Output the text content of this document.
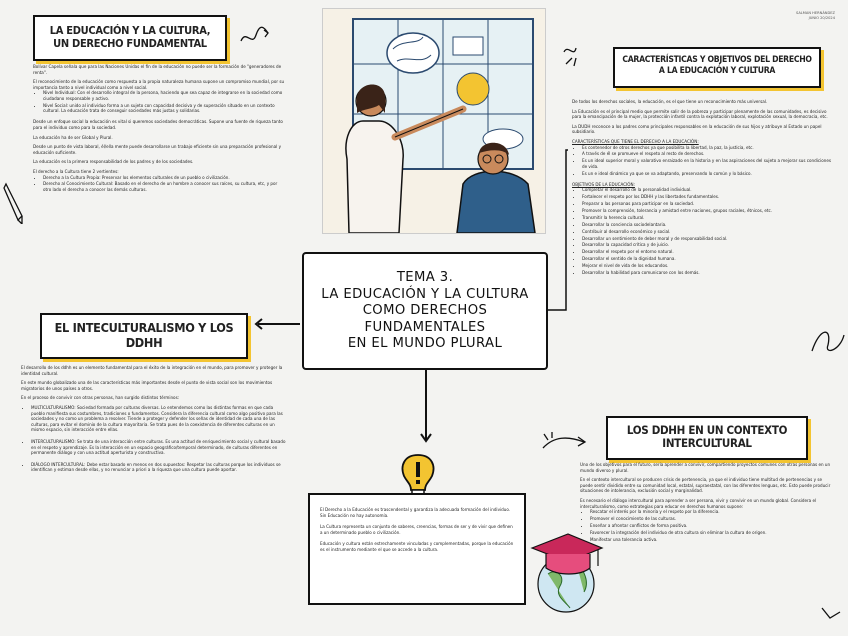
SALMAN HERNÁNDEZ
JUNIO 20/2024
LA EDUCACIÓN Y LA CULTURA, UN DERECHO FUNDAMENTAL
Bolívar Capela señala que para las Naciones Unidas el fin de la educación no puede ser la formación de "generadores de renta".
El reconocimiento de la educación como respuesta a la propia naturaleza humana supone un compromiso mundial, por su importancia tanto a nivel individual como a nivel social.
• Nivel Individual: Con el desarrollo integral de la persona, haciendo que sea capaz de integrarse en la sociedad como ciudadano responsable y activo.
• Nivel Social: unido al individuo forma a un sujeto con capacidad decisiva y de superación situado en un contexto cultural. La educación trata de conseguir sociedades más justas y solidarias.
Desde un enfoque social la educación es vital si queremos sociedades democráticas. Supone una fuente de riqueza tanto para el individuo como para la sociedad.
La educación ha de ser Global y Plural.
Desde un punto de vista laboral, él/ella mente puede desarrollarse un trabajo eficiente sin una preparación profesional y educación suficiente.
La educación es la primera responsabilidad de los padres y de los sociedades.
El derecho a la Cultura tiene 2 vertientes:
• Derecho a la Cultura Propia: Preservar los elementos culturales de un pueblo o civilización.
• Derecho al Conocimiento Cultural: Basado en el derecho de un hombre a conocer sus raíces, su cultura, etc, y por otro lado el derecho a conocer las demás culturas.
EL INTECULTURALISMO Y LOS DDHH
El desarrollo de los ddhh es un elemento fundamental para el éxito de la integración en el mundo, para promover y proteger la identidad cultural.
En este mundo globalizado una de las características más importantes desde el punto de vista social son los movimientos migratorios de unos países a otros.
En el proceso de convivir con otras personas, han surgido distintos términos:
• MULTICULTURALISMO: Sociedad formada por culturas diversas. Lo entendemos como las distintas formas en que cada pueblo manifiesta sus costumbres, tradiciones o fundamentos. Considera la diferencia cultural como algo positivo para las sociedades y no como un problema a resolver. Tiende a proteger y defender los señas de identidad de cada una de las culturas, para evitar el dominio de la cultura mayoritaria. Se trata pues de la coexistencia de diferentes culturas en un mismo espacio, sin interacción entre ellas.
• INTERCULTURALISMO: Se trata de una interacción entre culturas. Es una actitud de enriquecimiento social y cultural basado en el respeto y aprendizaje. Es la interacción en un espacio geográfico/temporal determinado, de culturas diferentes en permanente diálogo y con una actitud aperturista y constructiva.
• DIÁLOGO INTERCULTURAL: Debe estar basado en menos en dos supuestos: Respetar las culturas porque los individuos se identifican y estiman desde ellas, y no renunciar a priori a la riqueza que una cultura puede aportar.
TEMA 3.
LA EDUCACIÓN Y LA CULTURA
COMO DERECHOS FUNDAMENTALES
EN EL MUNDO PLURAL
CARACTERÍSTICAS Y OBJETIVOS DEL DERECHO A LA EDUCACIÓN Y CULTURA
De todos los derechos sociales, la educación, es el que tiene un reconocimiento más universal.
La Educación es el principal medio que permite salir de la pobreza y participar plenamente de las comunidades, es decisivo para la emancipación de la mujer, la protección infantil contra la explotación laboral, explotación sexual, la democracia, etc.
La DUDH reconoce a los padres como principales responsables en la educación de sus hijos y atribuye al Estado un papel subsidiario.
CARACTERÍSTICAS QUE TIENE EL DERECHO A LA EDUCACIÓN:
• Es contenedor de otros derechos ya que posibilita la libertad, la paz, la justicia, etc.
• A través de él se promueve el respeto al resto de derechos.
• Es un ideal superior moral y valorativo enraizado en la historia y en las aspiraciones del sujeto a mejorar sus condiciones de vida.
• Es un e ideal dinámico ya que se va adaptando, preservando lo común y lo básico.
OBJETIVOS DE LA EDUCACIÓN:
• Completar el desarrollo de la personalidad individual.
• Fortalecer el respeto por los DDHH y las libertades fundamentales.
• Preparar a las personas para participar en la sociedad.
• Promover la comprensión, tolerancia y amistad entre naciones, grupos raciales, étnicos, etc.
• Transmitir la herencia cultural.
• Desarrollar la conciencia sociodelantaria.
• Contribuir al desarrollo económico y social.
• Desarrollar un sentimiento de deber moral y de responsabilidad social.
• Desarrollar la capacidad crítica y de juicio.
• Desarrollar el respeto por el entorno natural.
• Desarrollar el sentido de la dignidad humana.
• Mejorar el nivel de vida de los educandos.
• Desarrollar la habilidad para comunicarse con los demás.
LOS DDHH EN UN CONTEXTO INTERCULTURAL
Uno de los objetivos para el futuro, sería aprender a convivir, compartiendo proyectos comunes con otras personas en un mundo diverso y plural.
En el contexto intercultural se producen crisis de pertenencia, ya que el individuo tiene multitud de pertenencias y se puede sentir dividido entre su comunidad local, estatal, supraestatal, con las diferentes lenguas, etc. Esto puede producir situaciones de intolerancia, exclusión social y marginalidad.
Es necesario el diálogo intercultural para aprender a ser persona, vivir y convivir en un mundo global. Considera el interculturalismo, como estrategias para educar en derechos humanos supone:
• Rescatar el interés por la minoría y el respeto por la diferencia.
• Promover el conocimiento de las culturas.
• Enseñar a afrontar conflictos de forma positiva.
• Favorecer la integración del individuo de otra cultura sin eliminar la cultura de origen.
• Manifestar una tolerancia activa.
El Derecho a la Educación es trascendental y garantiza la adecuada formación del individuo. Sin Educación no hay autonomía.
La Cultura representa un conjunto de saberes, creencias, formas de ser y de vivir que definen a un determinado pueblo o civilización.
Educación y cultura están estrechamente vinculadas y complementadas, porque la educación es el instrumento mediante el que se accede a la cultura.
